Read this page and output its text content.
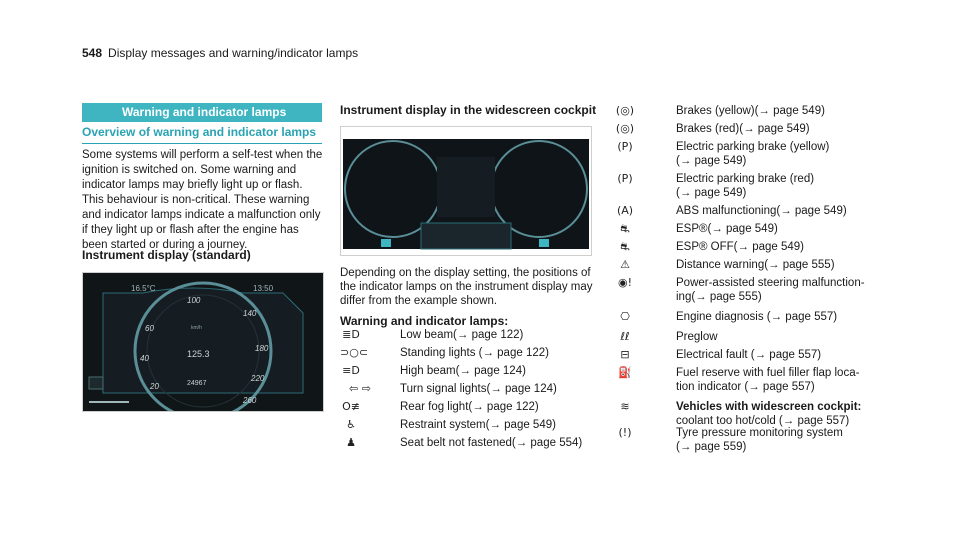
548 Display messages and warning/indicator lamps
Warning and indicator lamps
Overview of warning and indicator lamps
Some systems will perform a self-test when the ignition is switched on. Some warning and indicator lamps may briefly light up or flash. This behaviour is non-critical. These warning and indicator lamps indicate a malfunction only if they light up or flash after the engine has been started or during a journey.
Instrument display (standard)
16.5°C	13:50
20
40
60
100
140
180
220
260
km/h
125.3
24967
Instrument display in the widescreen cockpit
Depending on the display setting, the positions of the indicator lamps on the instrument display may differ from the example shown.
Warning and indicator lamps:
≣D	Low beam(→ page 122)
⊃○⊂	Standing lights (→ page 122)
≡D	High beam(→ page 124)
⇦ ⇨	Turn signal lights(→ page 124)
O≢	Rear fog light(→ page 122)
♿	Restraint system(→ page 549)
♟	Seat belt not fastened(→ page 554)
(◎)	Brakes (yellow)(→ page 549)
(◎)	Brakes (red)(→ page 549)
(P)	Electric parking brake (yellow)
(→ page 549)
(P)	Electric parking brake (red)
(→ page 549)
(A)	ABS malfunctioning(→ page 549)
⛐	ESP®(→ page 549)
⛐	ESP® OFF(→ page 549)
⚠	Distance warning(→ page 555)
◉!	Power-assisted steering malfunction-
ing(→ page 555)
⎔	Engine diagnosis (→ page 557)
ℓℓ	Preglow
⊟	Electrical fault (→ page 557)
⛽	Fuel reserve with fuel filler flap loca-
tion indicator (→ page 557)
≋	Vehicles with widescreen cockpit:
coolant too hot/cold (→ page 557)
(!)	Tyre pressure monitoring system
(→ page 559)
